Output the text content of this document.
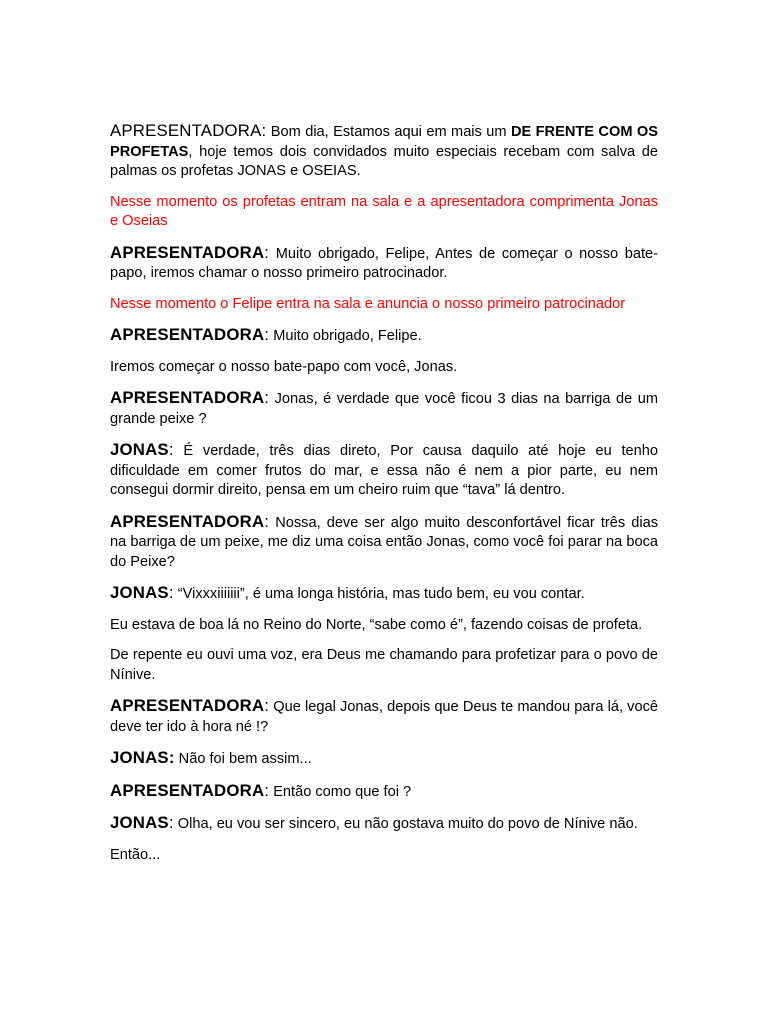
APRESENTADORA: Bom dia, Estamos aqui em mais um DE FRENTE COM OS PROFETAS, hoje temos dois convidados muito especiais recebam com salva de palmas os profetas JONAS e OSEIAS.

Nesse momento os profetas entram na sala e a apresentadora comprimenta Jonas e Oseias

APRESENTADORA: Muito obrigado, Felipe, Antes de começar o nosso bate-papo, iremos chamar o nosso primeiro patrocinador.

Nesse momento o Felipe entra na sala e anuncia o nosso primeiro patrocinador

APRESENTADORA: Muito obrigado, Felipe.

Iremos começar o nosso bate-papo com você, Jonas.

APRESENTADORA: Jonas, é verdade que você ficou 3 dias na barriga de um grande peixe ?

JONAS: É verdade, três dias direto, Por causa daquilo até hoje eu tenho dificuldade em comer frutos do mar, e essa não é nem a pior parte, eu nem consegui dormir direito, pensa em um cheiro ruim que “tava” lá dentro.

APRESENTADORA: Nossa, deve ser algo muito desconfortável ficar três dias na barriga de um peixe, me diz uma coisa então Jonas, como você foi parar na boca do Peixe?

JONAS: “Vixxxiiiiiii”, é uma longa história, mas tudo bem, eu vou contar.

Eu estava de boa lá no Reino do Norte, “sabe como é”, fazendo coisas de profeta.

De repente eu ouvi uma voz, era Deus me chamando para profetizar para o povo de Nínive.

APRESENTADORA: Que legal Jonas, depois que Deus te mandou para lá, você deve ter ido à hora né !?

JONAS: Não foi bem assim...

APRESENTADORA: Então como que foi ?

JONAS: Olha, eu vou ser sincero, eu não gostava muito do povo de Nínive não.

Então...
